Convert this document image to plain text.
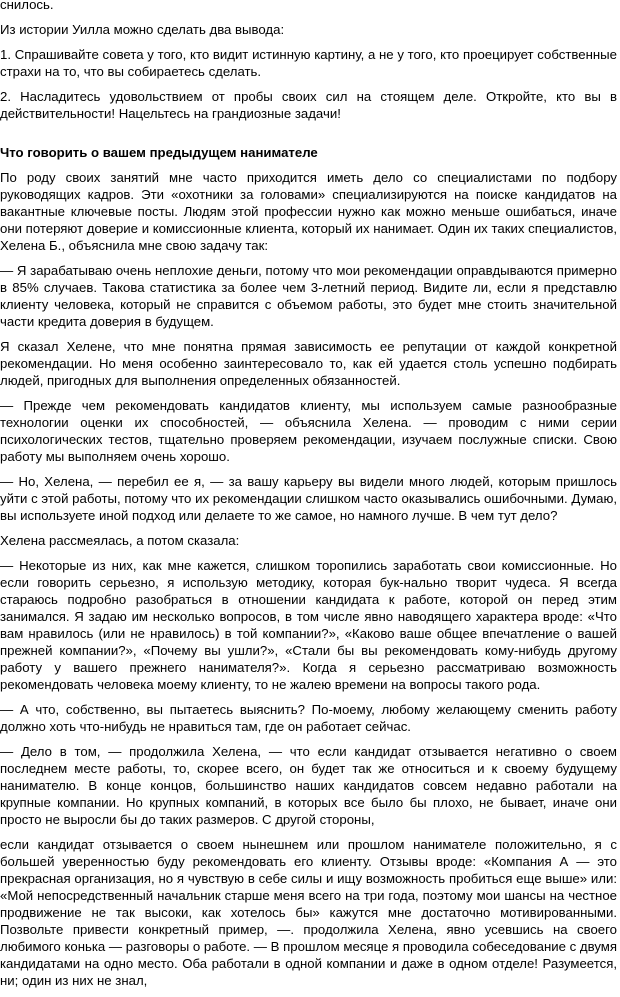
снилось.

Из истории Уилла можно сделать два вывода:

1. Спрашивайте совета у того, кто видит истинную картину, а не у того, кто проецирует собственные страхи на то, что вы собираетесь сделать.

2. Насладитесь удовольствием от пробы своих сил на стоящем деле. Откройте, кто вы в действительности! Нацельтесь на грандиозные задачи!

Что говорить о вашем предыдущем нанимателе

По роду своих занятий мне часто приходится иметь дело со специалистами по подбору руководящих кадров. Эти «охотники за головами» специализируются на поиске кандидатов на вакантные ключевые посты. Людям этой профессии нужно как можно меньше ошибаться, иначе они потеряют доверие и комиссионные клиента, который их нанимает. Один их таких специалистов, Хелена Б., объяснила мне свою задачу так:

— Я зарабатываю очень неплохие деньги, потому что мои рекомендации оправдываются примерно в 85% случаев. Такова статистика за более чем 3-летний период. Видите ли, если я представлю клиенту человека, который не справится с объемом работы, это будет мне стоить значительной части кредита доверия в будущем.

Я сказал Хелене, что мне понятна прямая зависимость ее репутации от каждой конкретной рекомендации. Но меня особенно заинтересовало то, как ей удается столь успешно подбирать людей, пригодных для выполнения определенных обязанностей.

— Прежде чем рекомендовать кандидатов клиенту, мы используем самые разнообразные технологии оценки их способностей, — объяснила Хелена. — проводим с ними серии психологических тестов, тщательно проверяем рекомендации, изучаем послужные списки. Свою работу мы выполняем очень хорошо.

— Но, Хелена, — перебил ее я, — за вашу карьеру вы видели много людей, которым пришлось уйти с этой работы, потому что их рекомендации слишком часто оказывались ошибочными. Думаю, вы используете иной подход или делаете то же самое, но намного лучше. В чем тут дело?

Хелена рассмеялась, а потом сказала:

— Некоторые из них, как мне кажется, слишком торопились заработать свои комиссионные. Но если говорить серьезно, я использую методику, которая бук-нально творит чудеса. Я всегда стараюсь подробно разобраться в отношении кандидата к работе, которой он перед этим занимался. Я задаю им несколько вопросов, в том числе явно наводящего характера вроде: «Что вам нравилось (или не нравилось) в той компании?», «Каково ваше общее впечатление о вашей прежней компании?», «Почему вы ушли?», «Стали бы вы рекомендовать кому-нибудь другому работу у вашего прежнего нанимателя?». Когда я серьезно рассматриваю возможность рекомендовать человека моему клиенту, то не жалею времени на вопросы такого рода.

— А что, собственно, вы пытаетесь выяснить? По-моему, любому желающему сменить работу должно хоть что-нибудь не нравиться там, где он работает сейчас.

— Дело в том, — продолжила Хелена, — что если кандидат отзывается негативно о своем последнем месте работы, то, скорее всего, он будет так же относиться и к своему будущему нанимателю. В конце концов, большинство наших кандидатов совсем недавно работали на крупные компании. Но крупных компаний, в которых все было бы плохо, не бывает, иначе они просто не выросли бы до таких размеров. С другой стороны,

если кандидат отзывается о своем нынешнем или прошлом нанимателе положительно, я с большей уверенностью буду рекомендовать его клиенту. Отзывы вроде: «Компания А — это прекрасная организация, но я чувствую в себе силы и ищу возможность пробиться еще выше» или: «Мой непосредственный начальник старше меня всего на три года, поэтому мои шансы на честное продвижение не так высоки, как хотелось бы» кажутся мне достаточно мотивированными. Позвольте привести конкретный пример, —. продолжила Хелена, явно усевшись на своего любимого конька — разговоры о работе. — В прошлом месяце я проводила собеседование с двумя кандидатами на одно место. Оба работали в одной компании и даже в одном отделе! Разумеется, ни; один из них не знал,
